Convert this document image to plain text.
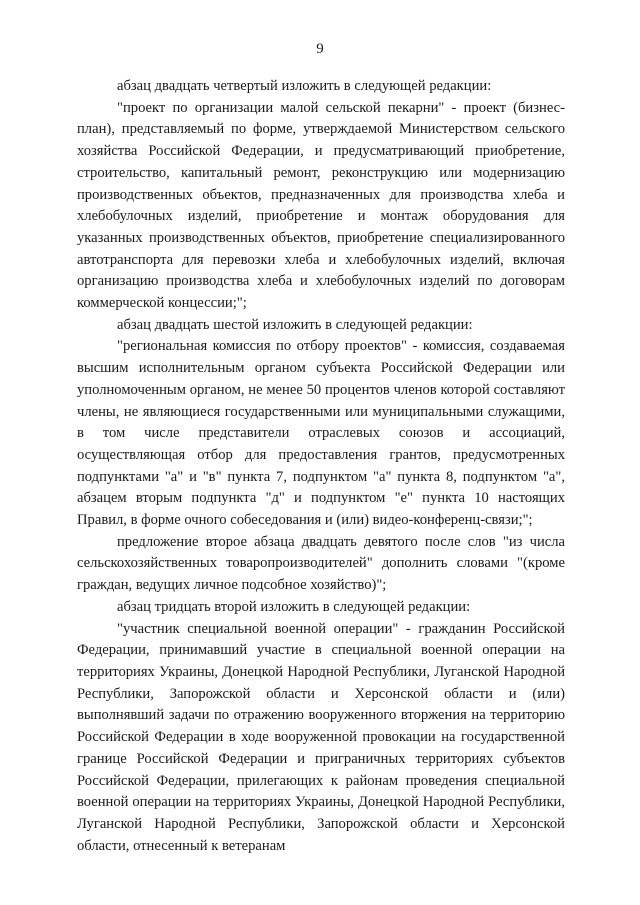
9

абзац двадцать четвертый изложить в следующей редакции:

"проект по организации малой сельской пекарни" - проект (бизнес-план), представляемый по форме, утверждаемой Министерством сельского хозяйства Российской Федерации, и предусматривающий приобретение, строительство, капитальный ремонт, реконструкцию или модернизацию производственных объектов, предназначенных для производства хлеба и хлебобулочных изделий, приобретение и монтаж оборудования для указанных производственных объектов, приобретение специализированного автотранспорта для перевозки хлеба и хлебобулочных изделий, включая организацию производства хлеба и хлебобулочных изделий по договорам коммерческой концессии;";

абзац двадцать шестой изложить в следующей редакции:

"региональная комиссия по отбору проектов" - комиссия, создаваемая высшим исполнительным органом субъекта Российской Федерации или уполномоченным органом, не менее 50 процентов членов которой составляют члены, не являющиеся государственными или муниципальными служащими, в том числе представители отраслевых союзов и ассоциаций, осуществляющая отбор для предоставления грантов, предусмотренных подпунктами "а" и "в" пункта 7, подпунктом "а" пункта 8, подпунктом "а", абзацем вторым подпункта "д" и подпунктом "е" пункта 10 настоящих Правил, в форме очного собеседования и (или) видео-конференц-связи;";

предложение второе абзаца двадцать девятого после слов "из числа сельскохозяйственных товаропроизводителей" дополнить словами "(кроме граждан, ведущих личное подсобное хозяйство)";

абзац тридцать второй изложить в следующей редакции:

"участник специальной военной операции" - гражданин Российской Федерации, принимавший участие в специальной военной операции на территориях Украины, Донецкой Народной Республики, Луганской Народной Республики, Запорожской области и Херсонской области и (или) выполнявший задачи по отражению вооруженного вторжения на территорию Российской Федерации в ходе вооруженной провокации на государственной границе Российской Федерации и приграничных территориях субъектов Российской Федерации, прилегающих к районам проведения специальной военной операции на территориях Украины, Донецкой Народной Республики, Луганской Народной Республики, Запорожской области и Херсонской области, отнесенный к ветеранам
